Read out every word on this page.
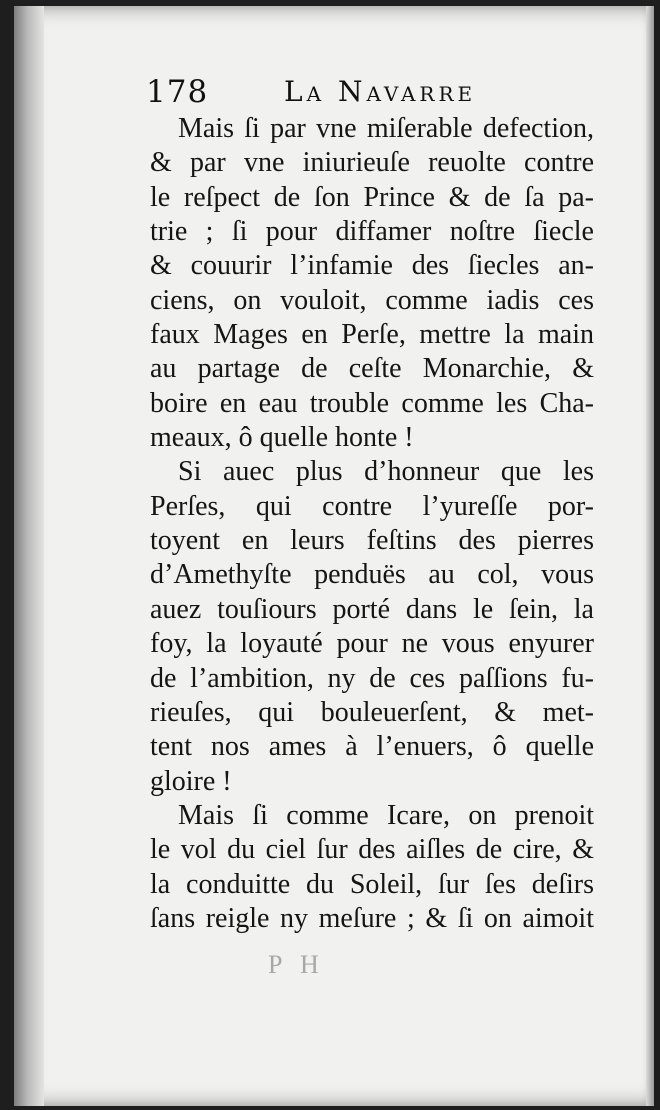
178	La Navarre
Mais ſi par vne miſerable defection,
& par vne iniurieuſe reuolte contre
le reſpect de ſon Prince & de ſa pa-
trie ; ſi pour diffamer noſtre ſiecle
& couurir l’infamie des ſiecles an-
ciens, on vouloit, comme iadis ces
faux Mages en Perſe, mettre la main
au partage de ceſte Monarchie, &
boire en eau trouble comme les Cha-
meaux, ô quelle honte !
Si auec plus d’honneur que les
Perſes, qui contre l’yureſſe por-
toyent en leurs feſtins des pierres
d’Amethyſte penduës au col, vous
auez touſiours porté dans le ſein, la
foy, la loyauté pour ne vous enyurer
de l’ambition, ny de ces paſſions fu-
rieuſes, qui bouleuerſent, & met-
tent nos ames à l’enuers, ô quelle
gloire !
Mais ſi comme Icare, on prenoit
le vol du ciel ſur des aiſles de cire, &
la conduitte du Soleil, ſur ſes deſirs
ſans reigle ny meſure ; & ſi on aimoit
P H
